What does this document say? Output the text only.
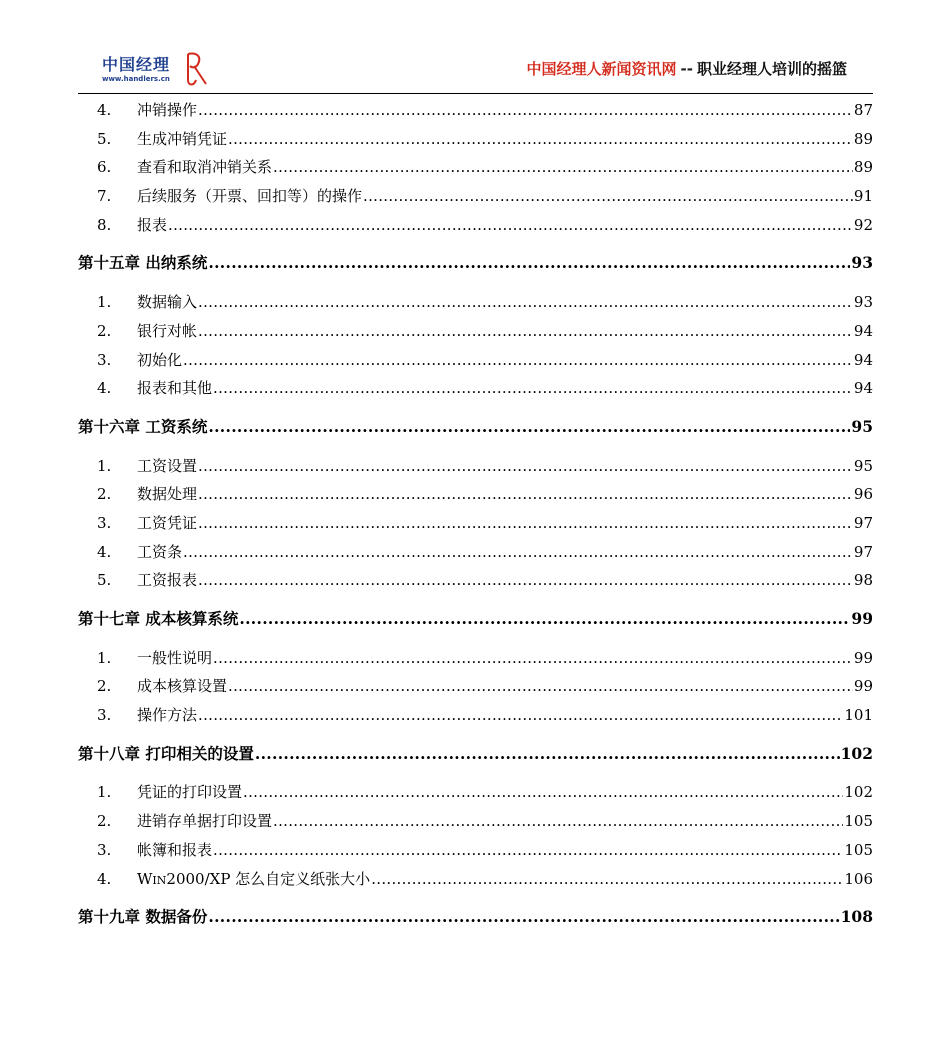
中国经理
www.handlers.cn
中国经理人新闻资讯网 -- 职业经理人培训的摇篮
4.	冲销操作 .....	87
5.	生成冲销凭证 .....	89
6.	查看和取消冲销关系 .....	89
7.	后续服务（开票、回扣等）的操作 .....	91
8.	报表 .....	92
第十五章 出纳系统 .....	93
1.	数据输入 .....	93
2.	银行对帐 .....	94
3.	初始化 .....	94
4.	报表和其他 .....	94
第十六章 工资系统 .....	95
1.	工资设置 .....	95
2.	数据处理 .....	96
3.	工资凭证 .....	97
4.	工资条 .....	97
5.	工资报表 .....	98
第十七章 成本核算系统 .....	99
1.	一般性说明 .....	99
2.	成本核算设置 .....	99
3.	操作方法 .....	101
第十八章 打印相关的设置 .....	102
1.	凭证的打印设置 .....	102
2.	进销存单据打印设置 .....	105
3.	帐簿和报表 .....	105
4.	WIN2000/XP 怎么自定义纸张大小 .....	106
第十九章 数据备份 .....	108
